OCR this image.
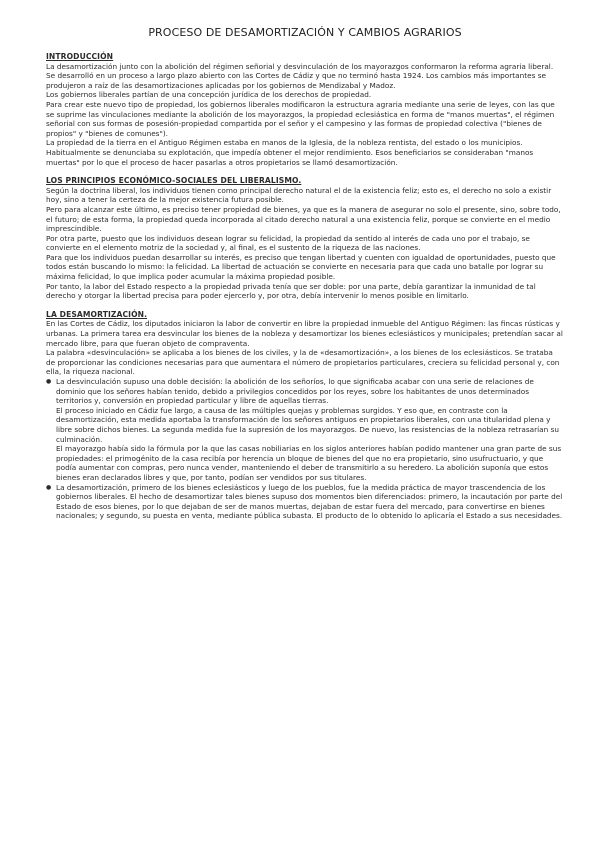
PROCESO DE DESAMORTIZACIÓN Y CAMBIOS AGRARIOS
INTRODUCCIÓN

La desamortización junto con la abolición del régimen señorial y desvinculación de los mayorazgos conformaron la reforma agraria liberal.

Se desarrolló en un proceso a largo plazo abierto con las Cortes de Cádiz y que no terminó hasta 1924. Los cambios más importantes se produjeron a raíz de las desamortizaciones aplicadas por los gobiernos de Mendizabal y Madoz.

Los gobiernos liberales partían de una concepción jurídica de los derechos de propiedad.

Para crear este nuevo tipo de propiedad, los gobiernos liberales modificaron la estructura agraria mediante una serie de leyes, con las que se suprime las vinculaciones mediante la abolición de los mayorazgos, la propiedad eclesiástica en forma de "manos muertas", el régimen señorial con sus formas de posesión-propiedad compartida por el señor y el campesino y las formas de propiedad colectiva ("bienes de propios" y "bienes de comunes").

La propiedad de la tierra en el Antiguo Régimen estaba en manos de la Iglesia, de la nobleza rentista, del estado o los municipios. Habitualmente se denunciaba su explotación, que impedía obtener el mejor rendimiento. Esos beneficiarios se consideraban "manos muertas" por lo que el proceso de hacer pasarlas a otros propietarios se llamó desamortización.

LOS PRINCIPIOS ECONÓMICO-SOCIALES DEL LIBERALISMO.

Según la doctrina liberal, los individuos tienen como principal derecho natural el de la existencia feliz; esto es, el derecho no solo a existir hoy, sino a tener la certeza de la mejor existencia futura posible.

Pero para alcanzar este último, es preciso tener propiedad de bienes, ya que es la manera de asegurar no solo el presente, sino, sobre todo, el futuro; de esta forma, la propiedad queda incorporada al citado derecho natural a una existencia feliz, porque se convierte en el medio imprescindible.

Por otra parte, puesto que los individuos desean lograr su felicidad, la propiedad da sentido al interés de cada uno por el trabajo, se convierte en el elemento motriz de la sociedad y, al final, es el sustento de la riqueza de las naciones.

Para que los individuos puedan desarrollar su interés, es preciso que tengan libertad y cuenten con igualdad de oportunidades, puesto que todos están buscando lo mismo: la felicidad. La libertad de actuación se convierte en necesaria para que cada uno batalle por lograr su máxima felicidad, lo que implica poder acumular la máxima propiedad posible.

Por tanto, la labor del Estado respecto a la propiedad privada tenía que ser doble: por una parte, debía garantizar la inmunidad de tal derecho y otorgar la libertad precisa para poder ejercerlo y, por otra, debía intervenir lo menos posible en limitarlo.

LA DESAMORTIZACIÓN.

En las Cortes de Cádiz, los diputados iniciaron la labor de convertir en libre la propiedad inmueble del Antiguo Régimen: las fincas rústicas y urbanas. La primera tarea era desvincular los bienes de la nobleza y desamortizar los bienes eclesiásticos y municipales; pretendían sacar al mercado libre, para que fueran objeto de compraventa.

La palabra «desvinculación» se aplicaba a los bienes de los civiles, y la de «desamortización», a los bienes de los eclesiásticos. Se trataba de proporcionar las condiciones necesarias para que aumentara el número de propietarios particulares, creciera su felicidad personal y, con ella, la riqueza nacional.

● La desvinculación supuso una doble decisión: la abolición de los señoríos, lo que significaba acabar con una serie de relaciones de dominio que los señores habían tenido, debido a privilegios concedidos por los reyes, sobre los habitantes de unos determinados territorios y, conversión en propiedad particular y libre de aquellas tierras.

El proceso iniciado en Cádiz fue largo, a causa de las múltiples quejas y problemas surgidos. Y eso que, en contraste con la desamortización, esta medida aportaba la transformación de los señores antiguos en propietarios liberales, con una titularidad plena y libre sobre dichos bienes. La segunda medida fue la supresión de los mayorazgos. De nuevo, las resistencias de la nobleza retrasarían su culminación.

El mayorazgo había sido la fórmula por la que las casas nobiliarias en los siglos anteriores habían podido mantener una gran parte de sus propiedades: el primogénito de la casa recibía por herencia un bloque de bienes del que no era propietario, sino usufructuario, y que podía aumentar con compras, pero nunca vender, manteniendo el deber de transmitirlo a su heredero. La abolición suponía que estos bienes eran declarados libres y que, por tanto, podían ser vendidos por sus titulares.

● La desamortización, primero de los bienes eclesiásticos y luego de los pueblos, fue la medida práctica de mayor trascendencia de los gobiernos liberales. El hecho de desamortizar tales bienes supuso dos momentos bien diferenciados: primero, la incautación por parte del Estado de esos bienes, por lo que dejaban de ser de manos muertas, dejaban de estar fuera del mercado, para convertirse en bienes nacionales; y segundo, su puesta en venta, mediante pública subasta. El producto de lo obtenido lo aplicaría el Estado a sus necesidades.
